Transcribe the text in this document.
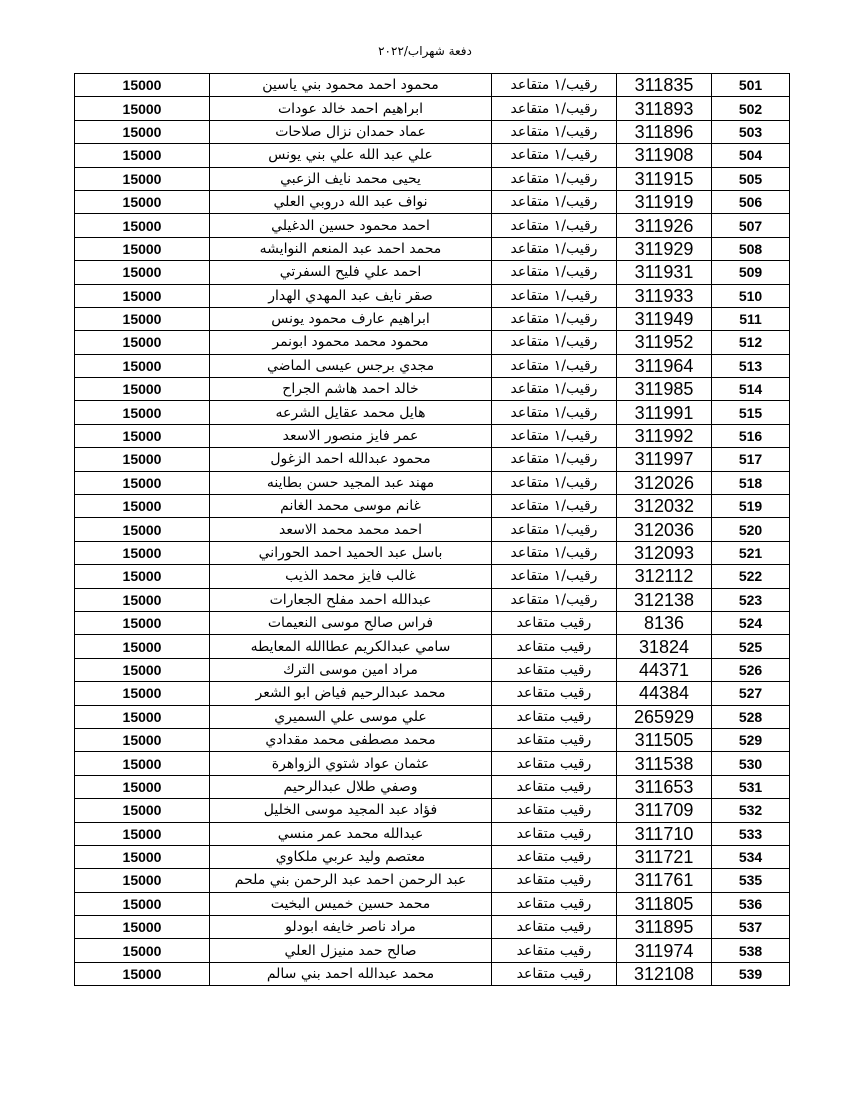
دفعة شهراب/٢٠٢٢
15000	محمود احمد محمود بني ياسين	رقيب/١ متقاعد	311835	501
15000	ابراهيم احمد خالد عودات	رقيب/١ متقاعد	311893	502
15000	عماد حمدان نزال صلاحات	رقيب/١ متقاعد	311896	503
15000	علي عبد الله علي بني يونس	رقيب/١ متقاعد	311908	504
15000	يحيى محمد نايف الزعبي	رقيب/١ متقاعد	311915	505
15000	نواف عبد الله دروبي العلي	رقيب/١ متقاعد	311919	506
15000	احمد محمود حسين الدغيلي	رقيب/١ متقاعد	311926	507
15000	محمد احمد عبد المنعم النوايشه	رقيب/١ متقاعد	311929	508
15000	احمد علي فليح السفرتي	رقيب/١ متقاعد	311931	509
15000	صقر نايف عبد المهدي الهدار	رقيب/١ متقاعد	311933	510
15000	ابراهيم عارف محمود يونس	رقيب/١ متقاعد	311949	511
15000	محمود محمد محمود ابونمر	رقيب/١ متقاعد	311952	512
15000	مجدي برجس عيسى الماضي	رقيب/١ متقاعد	311964	513
15000	خالد احمد هاشم الجراح	رقيب/١ متقاعد	311985	514
15000	هايل محمد عقايل الشرعه	رقيب/١ متقاعد	311991	515
15000	عمر فايز منصور الاسعد	رقيب/١ متقاعد	311992	516
15000	محمود عبدالله احمد الزغول	رقيب/١ متقاعد	311997	517
15000	مهند عبد المجيد حسن بطاينه	رقيب/١ متقاعد	312026	518
15000	غانم موسى محمد الغانم	رقيب/١ متقاعد	312032	519
15000	احمد محمد محمد الاسعد	رقيب/١ متقاعد	312036	520
15000	باسل عبد الحميد احمد الحوراني	رقيب/١ متقاعد	312093	521
15000	غالب فايز محمد الذيب	رقيب/١ متقاعد	312112	522
15000	عبدالله احمد مفلح الجعارات	رقيب/١ متقاعد	312138	523
15000	فراس صالح موسى النعيمات	رقيب متقاعد	8136	524
15000	سامي عبدالكريم عطاالله المعايطه	رقيب متقاعد	31824	525
15000	مراد امين موسى الترك	رقيب متقاعد	44371	526
15000	محمد عبدالرحيم فياض ابو الشعر	رقيب متقاعد	44384	527
15000	علي موسى علي السميري	رقيب متقاعد	265929	528
15000	محمد مصطفى محمد مقدادي	رقيب متقاعد	311505	529
15000	عثمان عواد شتوي الزواهرة	رقيب متقاعد	311538	530
15000	وصفي طلال عبدالرحيم	رقيب متقاعد	311653	531
15000	فؤاد عبد المجيد موسى الخليل	رقيب متقاعد	311709	532
15000	عبدالله محمد عمر منسي	رقيب متقاعد	311710	533
15000	معتصم وليد عربي ملكاوي	رقيب متقاعد	311721	534
15000	عبد الرحمن احمد عبد الرحمن بني ملحم	رقيب متقاعد	311761	535
15000	محمد حسين خميس البخيت	رقيب متقاعد	311805	536
15000	مراد ناصر خايفه ابودلو	رقيب متقاعد	311895	537
15000	صالح حمد منيزل العلي	رقيب متقاعد	311974	538
15000	محمد عبدالله احمد بني سالم	رقيب متقاعد	312108	539
